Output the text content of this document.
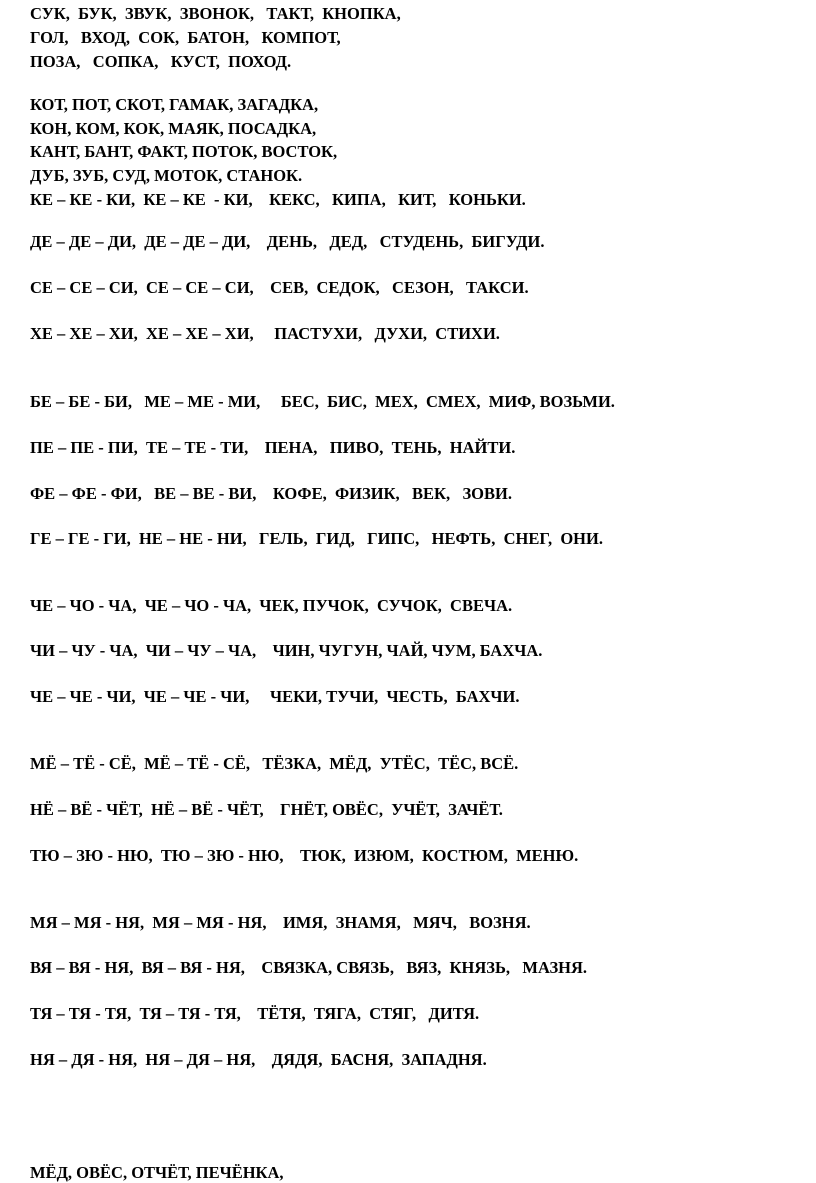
СУК,  БУК,  ЗВУК,  ЗВОНОК,   ТАКТ,  КНОПКА,
ГОЛ,   ВХОД,  СОК,  БАТОН,   КОМПОТ,
ПОЗА,   СОПКА,   КУСТ,  ПОХОД.
КОТ, ПОТ, СКОТ, ГАМАК, ЗАГАДКА,
КОН, КОМ, КОК, МАЯК, ПОСАДКА,
КАНТ, БАНТ, ФАКТ, ПОТОК, ВОСТОК,
ДУБ, ЗУБ, СУД, МОТОК, СТАНОК.
КЕ – КЕ - КИ,  КЕ – КЕ  - КИ,    КЕКС,   КИПА,   КИТ,   КОНЬКИ.
ДЕ – ДЕ – ДИ,  ДЕ – ДЕ – ДИ,    ДЕНЬ,   ДЕД,   СТУДЕНЬ,  БИГУДИ.
СЕ – СЕ – СИ,  СЕ – СЕ – СИ,    СЕВ,  СЕДОК,   СЕЗОН,   ТАКСИ.
ХЕ – ХЕ – ХИ,  ХЕ – ХЕ – ХИ,     ПАСТУХИ,   ДУХИ,  СТИХИ.
БЕ – БЕ - БИ,   МЕ – МЕ - МИ,     БЕС,  БИС,  МЕХ,  СМЕХ,  МИФ, ВОЗЬМИ.
ПЕ – ПЕ - ПИ,  ТЕ – ТЕ - ТИ,    ПЕНА,   ПИВО,  ТЕНЬ,  НАЙТИ.
ФЕ – ФЕ - ФИ,   ВЕ – ВЕ - ВИ,    КОФЕ,  ФИЗИК,   ВЕК,   ЗОВИ.
ГЕ – ГЕ - ГИ,  НЕ – НЕ - НИ,   ГЕЛЬ,  ГИД,   ГИПС,   НЕФТЬ,  СНЕГ,  ОНИ.
ЧЕ – ЧО - ЧА,  ЧЕ – ЧО - ЧА,  ЧЕК, ПУЧОК,  СУЧОК,  СВЕЧА.
ЧИ – ЧУ - ЧА,  ЧИ – ЧУ – ЧА,    ЧИН, ЧУГУН, ЧАЙ, ЧУМ, БАХЧА.
ЧЕ – ЧЕ - ЧИ,  ЧЕ – ЧЕ - ЧИ,     ЧЕКИ, ТУЧИ,  ЧЕСТЬ,  БАХЧИ.
МЁ – ТЁ - СЁ,  МЁ – ТЁ - СЁ,   ТЁЗКА,  МЁД,  УТЁС,  ТЁС, ВСЁ.
НЁ – ВЁ - ЧЁТ,  НЁ – ВЁ - ЧЁТ,    ГНЁТ, ОВЁС,  УЧЁТ,  ЗАЧЁТ.
ТЮ – ЗЮ - НЮ,  ТЮ – ЗЮ - НЮ,    ТЮК,  ИЗЮМ,  КОСТЮМ,  МЕНЮ.
МЯ – МЯ - НЯ,  МЯ – МЯ - НЯ,    ИМЯ,  ЗНАМЯ,   МЯЧ,   ВОЗНЯ.
ВЯ – ВЯ - НЯ,  ВЯ – ВЯ - НЯ,    СВЯЗКА, СВЯЗЬ,   ВЯЗ,  КНЯЗЬ,   МАЗНЯ.
ТЯ – ТЯ - ТЯ,  ТЯ – ТЯ - ТЯ,    ТЁТЯ,  ТЯГА,  СТЯГ,   ДИТЯ.
НЯ – ДЯ - НЯ,  НЯ – ДЯ – НЯ,    ДЯДЯ,  БАСНЯ,  ЗАПАДНЯ.
МЁД, ОВЁС, ОТЧЁТ, ПЕЧЁНКА,
